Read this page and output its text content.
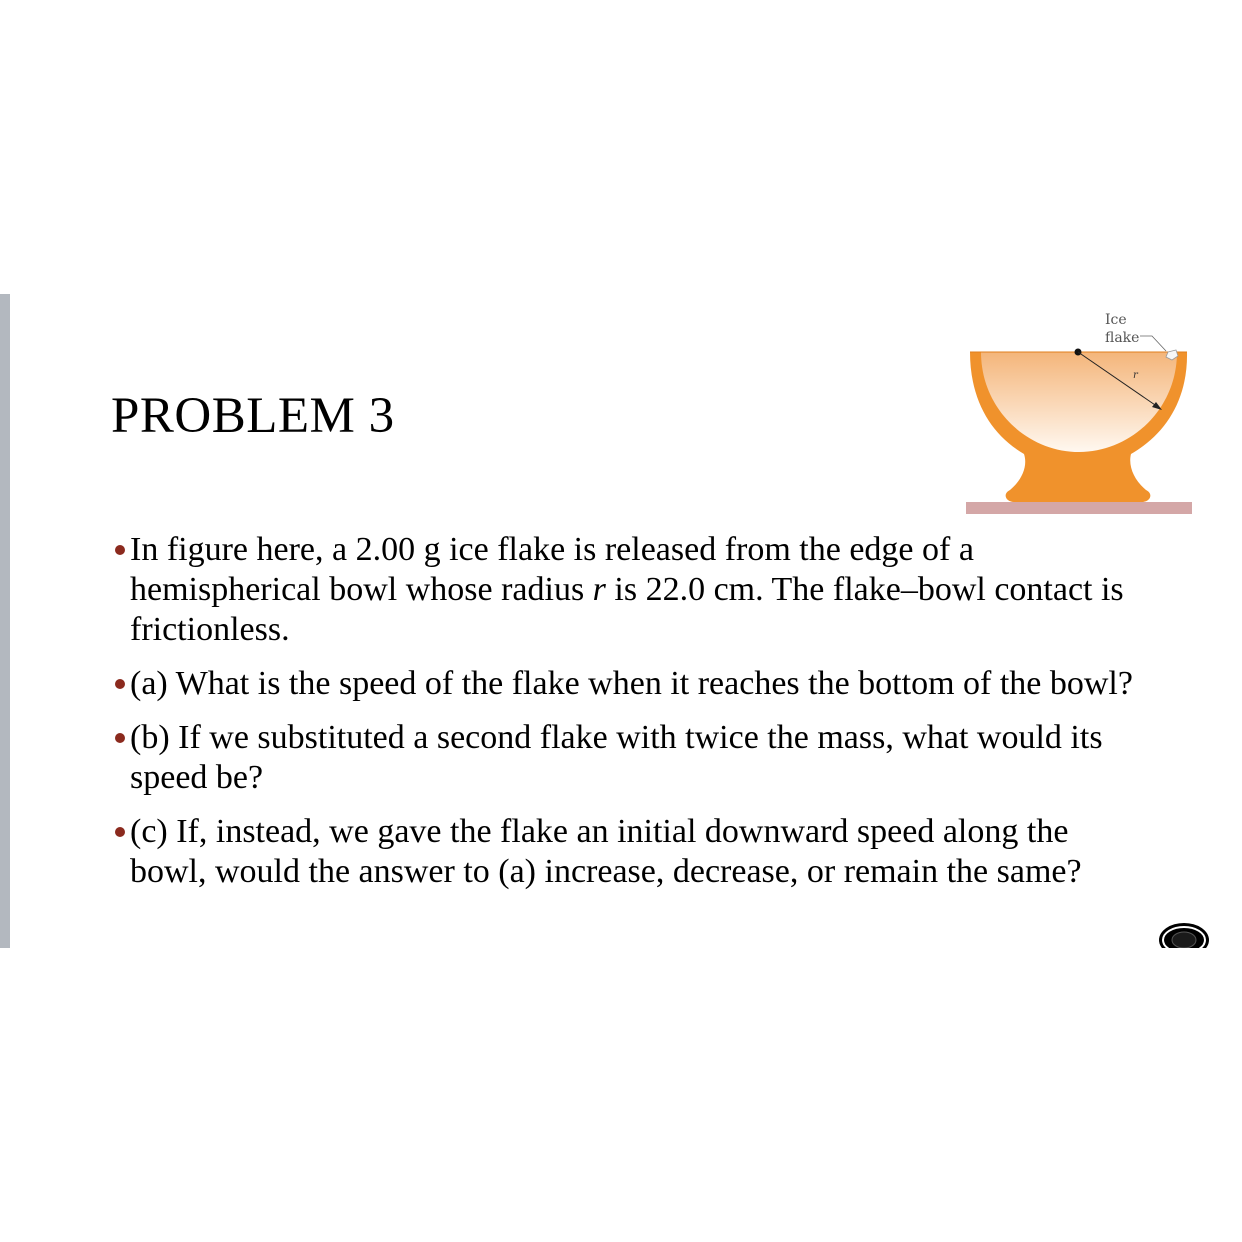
PROBLEM 3
r
Ice
flake
In figure here, a 2.00 g ice flake is released from the edge of a hemispherical bowl whose radius r is 22.0 cm. The flake–bowl contact is frictionless.
(a) What is the speed of the flake when it reaches the bottom of the bowl?
(b) If we substituted a second flake with twice the mass, what would its speed be?
(c) If, instead, we gave the flake an initial downward speed along the bowl, would the answer to (a) increase, decrease, or remain the same?
